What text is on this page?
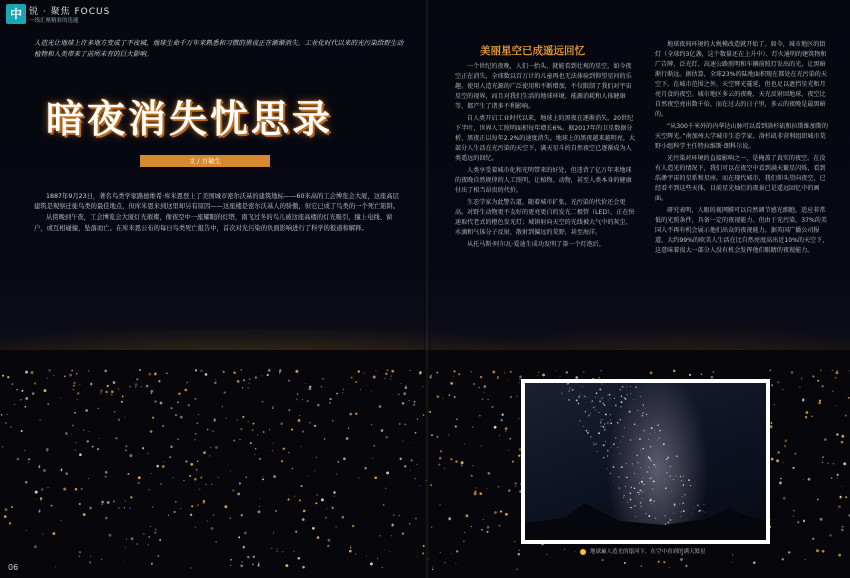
中 锐 · 聚焦 FOCUS
一线汇聚精彩的选题
人造光让地球上许多地方变成了不夜城，地球生命千万年来熟悉和习惯的黑夜正在渐渐消失。工业化时代以来的光污染给野生动植物和人类带来了前所未有的巨大影响。
暗夜消失忧思录
文 / 方敏生

1887年9月23日，著名鸟类学家路德维希·库米恩登上了美国城市密尔沃基的建筑地标——60米高的工会博览会大厦，这座高层建筑是观察迁徙鸟类的最佳地点，但库米恩来到这里却另有原因——这座楼是密尔沃基人的骄傲，但它已成了鸟类的一个死亡陷阱。

从傍晚到午夜，工会博览会大厦灯光璀璨，像夜空中一座耀眼的灯塔，南飞过冬的鸟儿被这座高楼的灯光吸引，撞上电线、窗户，或互相碰撞，坠落而亡。在库米恩公布的每日鸟类死亡报告中，首次对光污染的负面影响进行了科学的报道和解释。

美丽星空已成遥远回忆

一个世纪的夜晚，人们一抬头，就能看到壮观的星空，如今夜空正在消失，全球数以百万计的儿童再也无法体验到仰望星河的乐趣。使用人造光源的广泛使用和不断增加，不仅限制了我们对宇宙星空的视界，而且对我们生活的地球环境、能源消耗和人体健康等，都产生了诸多不利影响。

自人类开启工业时代以来，地球上的黑夜在逐渐消失。20世纪下半叶，世界人工照明面积每年增长6%。据2017年的卫星数据分析，黑夜正以每年2.2%的速度消失。地球上的黑夜越来越明亮，大部分人生活在光污染的天空下，满天星斗的自然夜空已逐渐成为人类遥远的回忆。

人类享受着城市化和光明带来的好处，但违背了亿万年来地球的夜晚自然规律的人工照明，让植物、动物，甚至人类本身的健康付出了相当昂贵的代价。

生态学家为此警告道，随着城市扩张，光污染的代价还会更高。对野生动物更不友好的更亮更白的发光二极管（LED），正在快速取代老式的橙色发光灯；城镇射向天空的光线被大气中的灰尘、水滴和气体分子反射，散射到偏远的荒野，甚至海洋。

从托马斯·阿尔瓦·爱迪生成功发明了第一个灯泡后，

地球夜间环境的大规模改造就开始了。如今，城市地区的街灯（全球约3亿盏，这个数量还在上升中）、灯火通明的建筑物和广告牌、泛光灯、高速公路照明和车辆前照灯发出的光，让黑暗渐行渐远。据估算，全球23%的陆地面积现在都处在光污染的天空下。在城市范围之外，天空辉光蔓延，但也足以遮挡星光和月亮月食的夜空。城市地区多云的夜晚，天光反射回地球，夜空比自然夜空亮出数千倍，而在过去的日子里，多云的夜晚是最黑暗的。

“从300千米外的内华达山脉可以看到洛杉矶和拉斯维加斯的天空辉光。”南加州大学城市生态学家、洛杉矶非营利组织城市荒野小组科学主任特拉维斯·朗科尔说。

光污染对环境的直接影响之一，是掩盖了真实的夜空。在没有人造光的情况下，我们可以在夜空中看到满天繁星闪烁，看到浩渺宇宙的星系和星座。而在现代城市，我们仰头望向夜空，已经看不到这些天体，目前星光灿烂的夜景已是遥远回忆中的画面。

研究表明，人眼的视网膜可以自然调节感光细胞，适应非常低的光照条件，具备一定的夜视能力。但由于光污染，37%的美国人不再有机会展示他们出众的夜视能力。据英国广播公司报道，大约99%的欧美人生活在比自然亮度高出近10%的天空下，这意味着很大一部分人没有机会发挥他们眼睛的夜视能力。

地球最人造光的银河下，在空中看到的满天繁星
06
